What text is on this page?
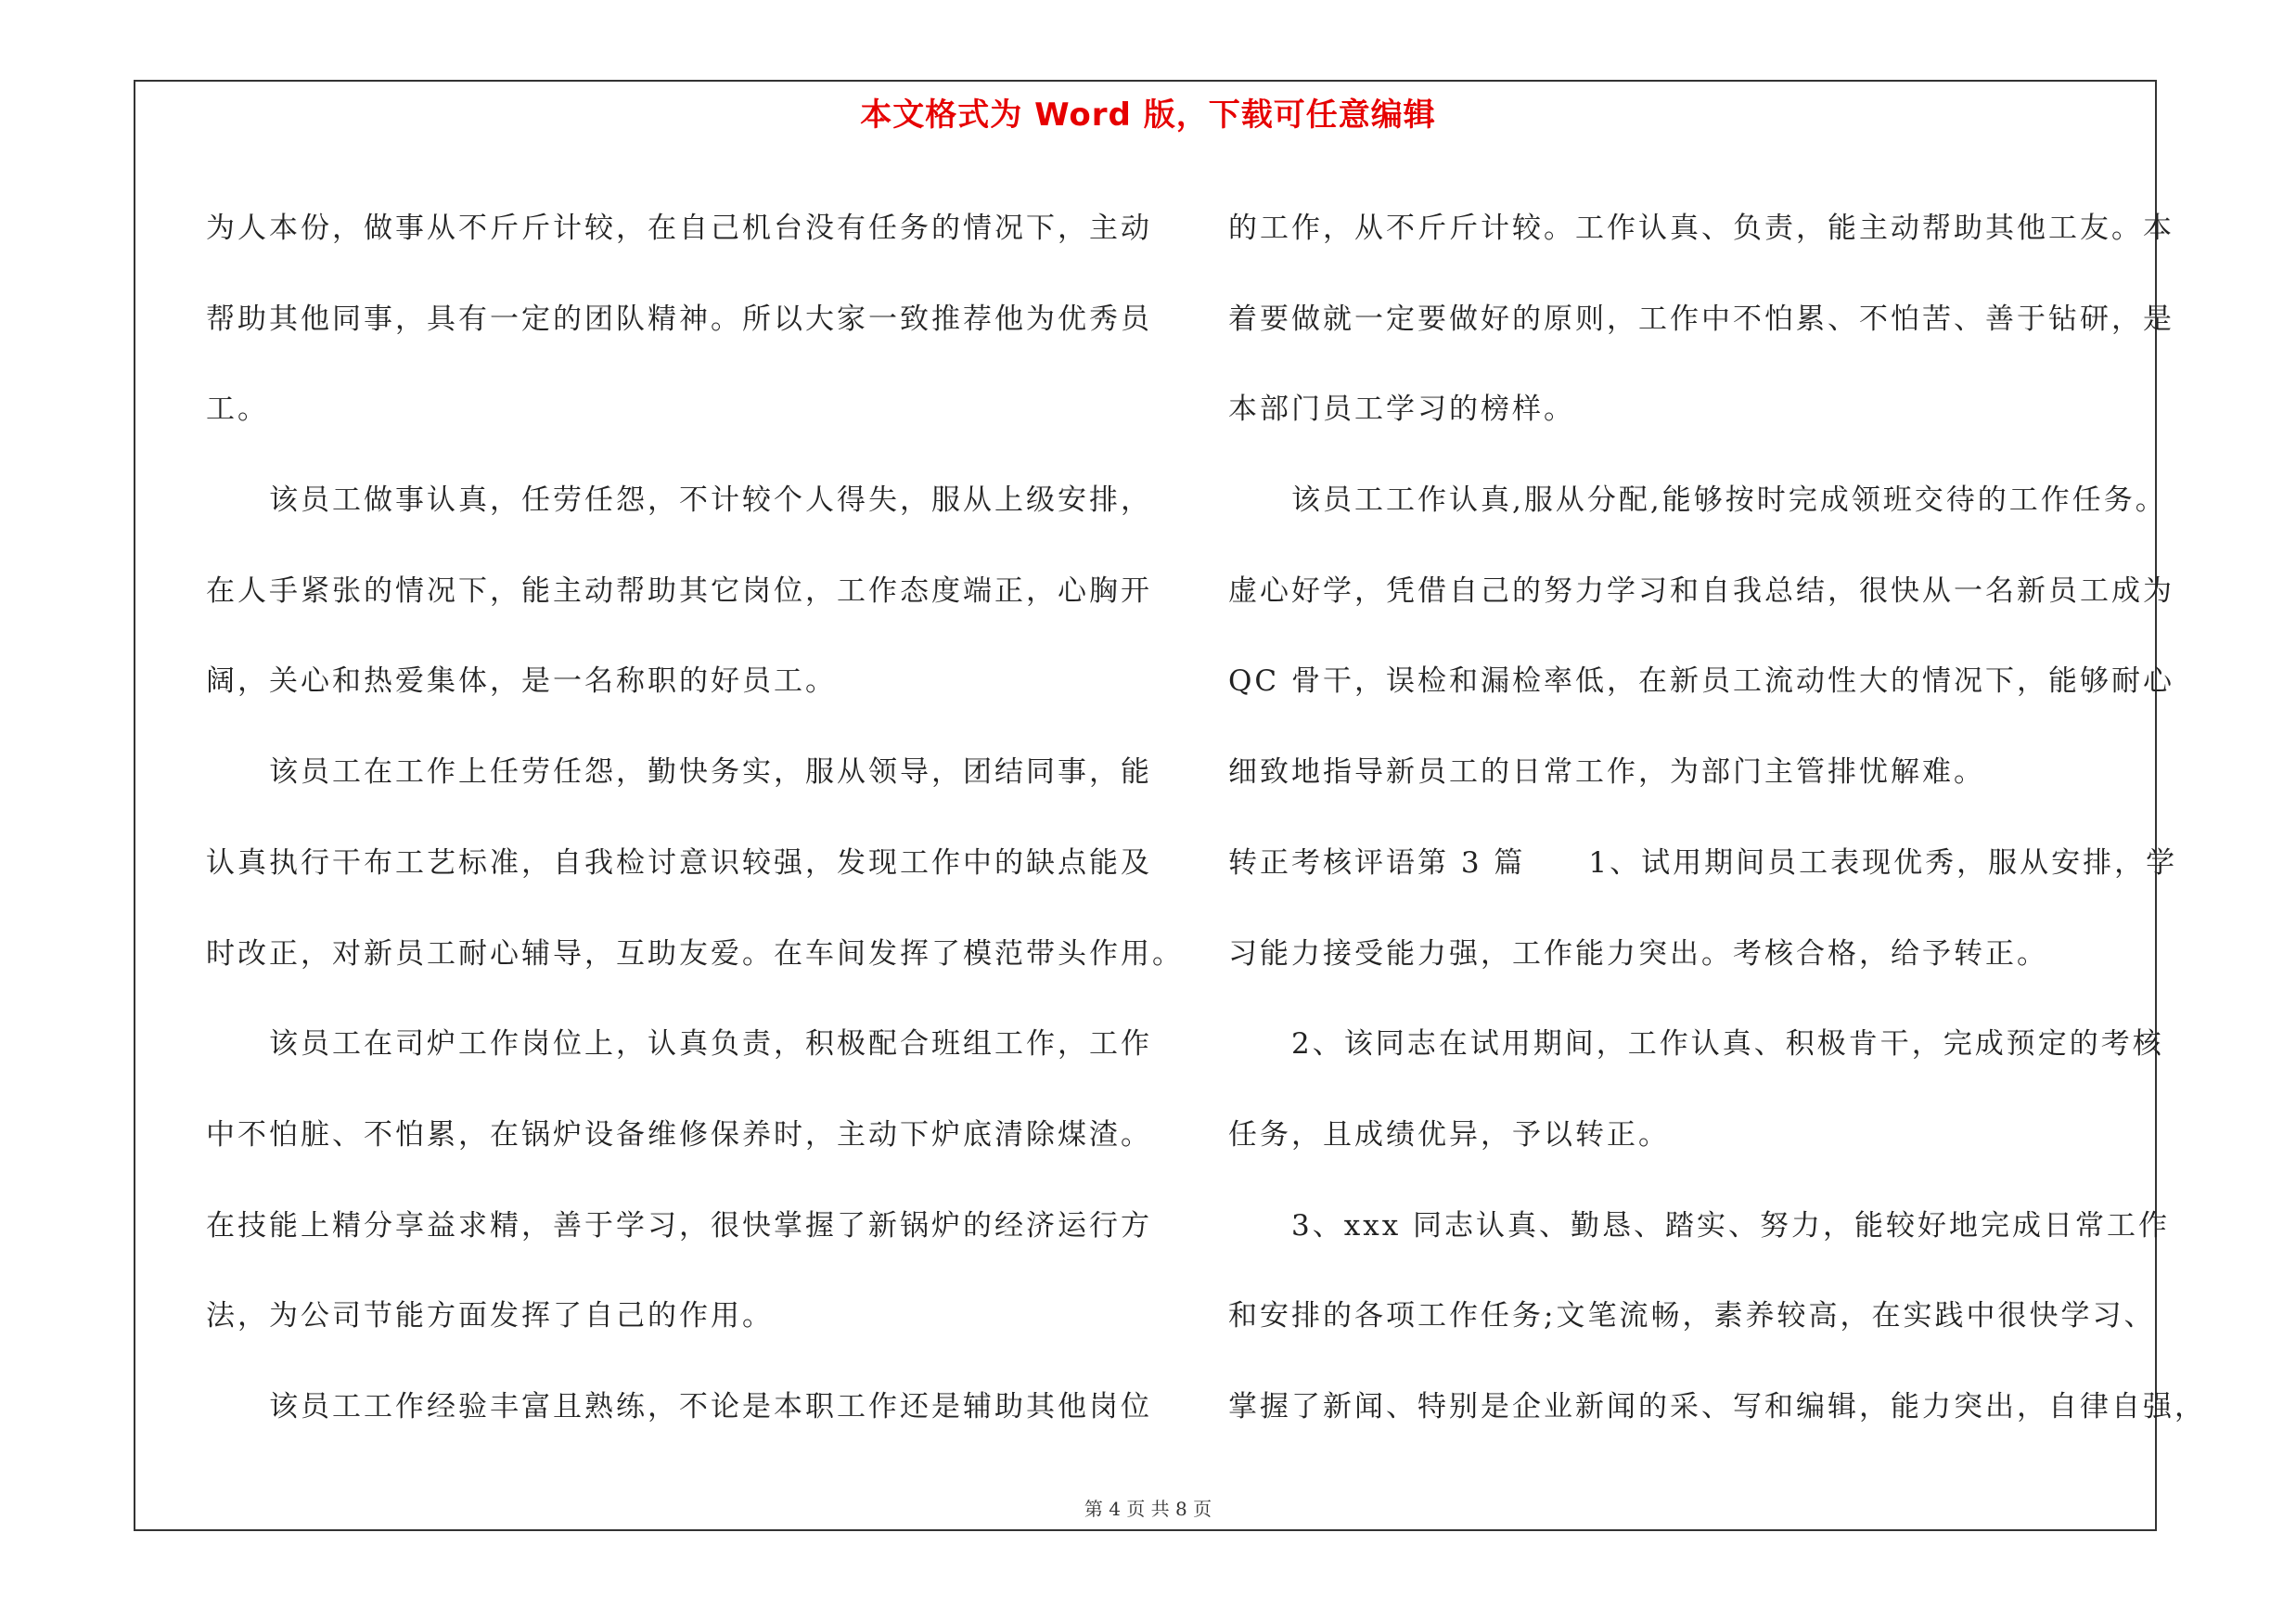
本文格式为 Word 版，下载可任意编辑
为人本份，做事从不斤斤计较，在自己机台没有任务的情况下，主动
帮助其他同事，具有一定的团队精神。所以大家一致推荐他为优秀员
工。
该员工做事认真，任劳任怨，不计较个人得失，服从上级安排，
在人手紧张的情况下，能主动帮助其它岗位，工作态度端正，心胸开
阔，关心和热爱集体，是一名称职的好员工。
该员工在工作上任劳任怨，勤快务实，服从领导，团结同事，能
认真执行干布工艺标准，自我检讨意识较强，发现工作中的缺点能及
时改正，对新员工耐心辅导，互助友爱。在车间发挥了模范带头作用。
该员工在司炉工作岗位上，认真负责，积极配合班组工作，工作
中不怕脏、不怕累，在锅炉设备维修保养时，主动下炉底清除煤渣。
在技能上精分享益求精，善于学习，很快掌握了新锅炉的经济运行方
法，为公司节能方面发挥了自己的作用。
该员工工作经验丰富且熟练，不论是本职工作还是辅助其他岗位
的工作，从不斤斤计较。工作认真、负责，能主动帮助其他工友。本
着要做就一定要做好的原则，工作中不怕累、不怕苦、善于钻研，是
本部门员工学习的榜样。
该员工工作认真,服从分配,能够按时完成领班交待的工作任务。
虚心好学，凭借自己的努力学习和自我总结，很快从一名新员工成为
QC 骨干，误检和漏检率低，在新员工流动性大的情况下，能够耐心
细致地指导新员工的日常工作，为部门主管排忧解难。
转正考核评语第 3 篇　　1、试用期间员工表现优秀，服从安排，学
习能力接受能力强，工作能力突出。考核合格，给予转正。
2、该同志在试用期间，工作认真、积极肯干，完成预定的考核
任务，且成绩优异，予以转正。
3、xxx 同志认真、勤恳、踏实、努力，能较好地完成日常工作
和安排的各项工作任务;文笔流畅，素养较高，在实践中很快学习、
掌握了新闻、特别是企业新闻的采、写和编辑，能力突出，自律自强，
第 4 页 共 8 页
